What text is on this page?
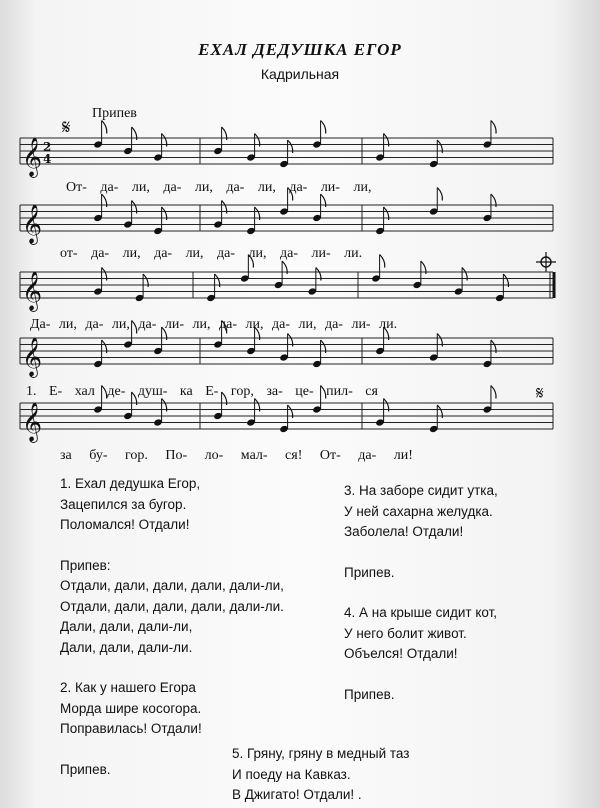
ЕХАЛ ДЕДУШКА ЕГОР
Кадрильная
Припев
𝄞
𝄞
𝄞
𝄞
𝄞
2
4
𝄋
𝄋
От- да- ли, да- ли, да- ли, да- ли- ли,
от- да- ли, да- ли, да- ли, да- ли- ли.
Да- ли, да- ли, да- ли- ли, да- ли, да- ли, да- ли- ли.
1. Е- хал де- душ- ка Е- гор, за- це- пил- ся
за бу- гор. По- ло- мал- ся! От- да- ли!
1. Ехал дедушка Егор,
Зацепился за бугор.
Поломался! Отдали!
Припев:
Отдали, дали, дали, дали, дали-ли,
Отдали, дали, дали, дали, дали-ли.
Дали, дали, дали-ли,
Дали, дали, дали-ли.
2. Как у нашего Егора
Морда шире косогора.
Поправилась! Отдали!
Припев.
3. На заборе сидит утка,
У ней сахарна желудка.
Заболела! Отдали!
Припев.
4. А на крыше сидит кот,
У него болит живот.
Объелся! Отдали!
Припев.
5. Гряну, гряну в медный таз
И поеду на Кавказ.
В Джигато! Отдали! .
